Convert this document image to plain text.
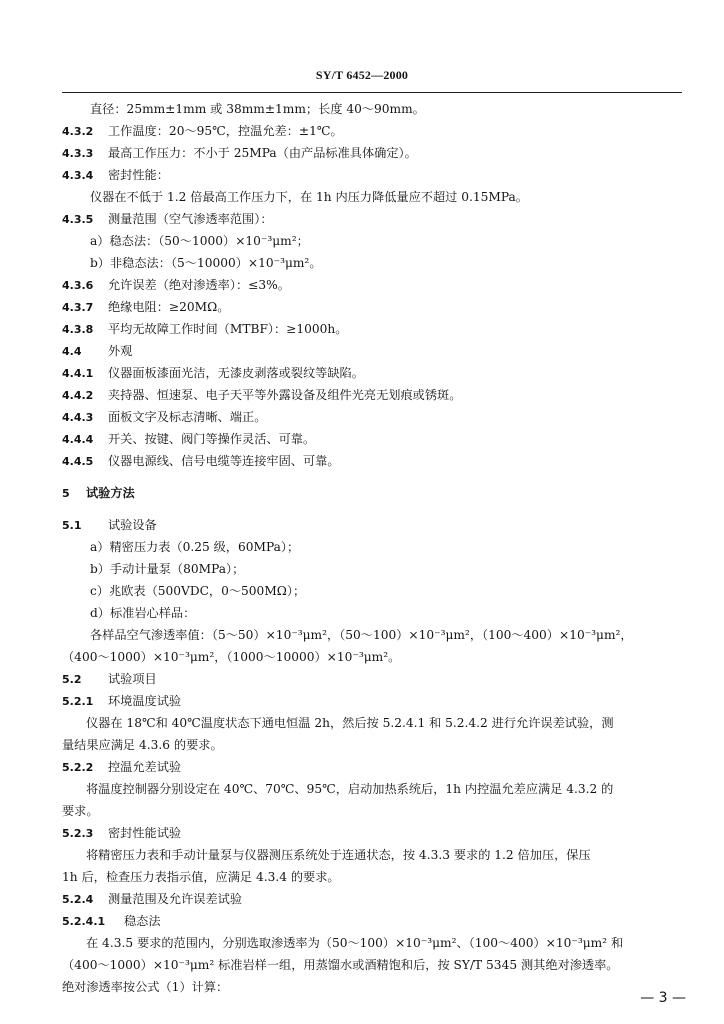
SY/T 6452—2000
直径：25mm±1mm 或 38mm±1mm；长度 40～90mm。
4.3.2 工作温度：20～95℃，控温允差：±1℃。
4.3.3 最高工作压力：不小于 25MPa（由产品标准具体确定）。
4.3.4 密封性能：
仪器在不低于 1.2 倍最高工作压力下，在 1h 内压力降低量应不超过 0.15MPa。
4.3.5 测量范围（空气渗透率范围）：
a）稳态法：（50～1000）×10⁻³μm²；
b）非稳态法：（5～10000）×10⁻³μm²。
4.3.6 允许误差（绝对渗透率）：≤3%。
4.3.7 绝缘电阻：≥20MΩ。
4.3.8 平均无故障工作时间（MTBF）：≥1000h。
4.4 外观
4.4.1 仪器面板漆面光洁，无漆皮剥落或裂纹等缺陷。
4.4.2 夹持器、恒速泵、电子天平等外露设备及组件光亮无划痕或锈斑。
4.4.3 面板文字及标志清晰、端正。
4.4.4 开关、按键、阀门等操作灵活、可靠。
4.4.5 仪器电源线、信号电缆等连接牢固、可靠。
5 试验方法
5.1 试验设备
a）精密压力表（0.25 级，60MPa）；
b）手动计量泵（80MPa）；
c）兆欧表（500VDC，0～500MΩ）；
d）标准岩心样品：
各样品空气渗透率值：（5～50）×10⁻³μm²，（50～100）×10⁻³μm²，（100～400）×10⁻³μm²，
（400～1000）×10⁻³μm²，（1000～10000）×10⁻³μm²。
5.2 试验项目
5.2.1 环境温度试验
仪器在 18℃和 40℃温度状态下通电恒温 2h，然后按 5.2.4.1 和 5.2.4.2 进行允许误差试验，测
量结果应满足 4.3.6 的要求。
5.2.2 控温允差试验
将温度控制器分别设定在 40℃、70℃、95℃，启动加热系统后，1h 内控温允差应满足 4.3.2 的
要求。
5.2.3 密封性能试验
将精密压力表和手动计量泵与仪器测压系统处于连通状态，按 4.3.3 要求的 1.2 倍加压，保压
1h 后，检查压力表指示值，应满足 4.3.4 的要求。
5.2.4 测量范围及允许误差试验
5.2.4.1 稳态法
在 4.3.5 要求的范围内，分别选取渗透率为（50～100）×10⁻³μm²、（100～400）×10⁻³μm² 和
（400～1000）×10⁻³μm² 标准岩样一组，用蒸馏水或酒精饱和后，按 SY/T 5345 测其绝对渗透率。
绝对渗透率按公式（1）计算：
— 3 —
